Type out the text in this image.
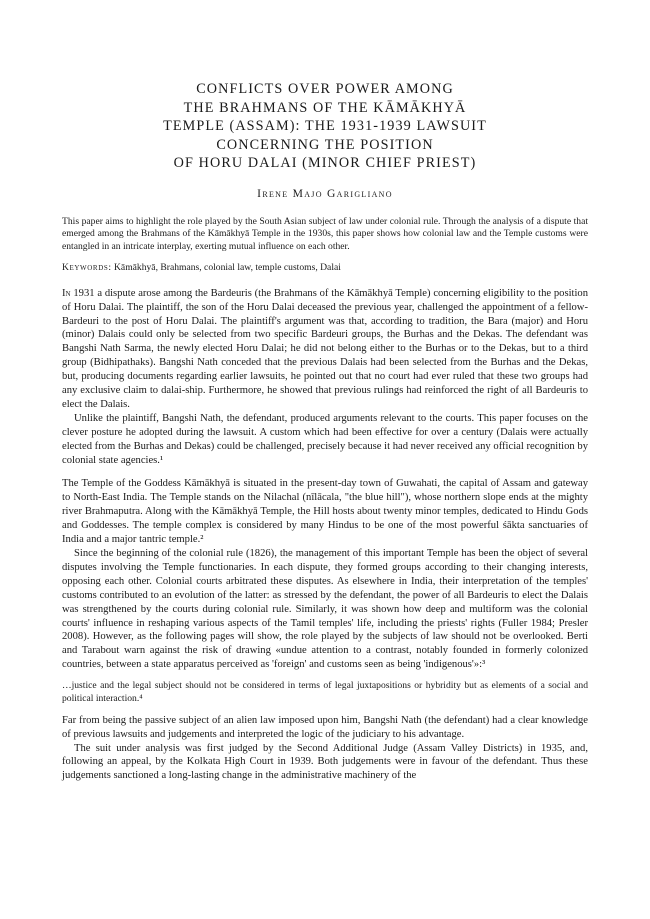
CONFLICTS OVER POWER AMONG
THE BRAHMANS OF THE KĀMĀKHYĀ
TEMPLE (ASSAM): THE 1931-1939 LAWSUIT
CONCERNING THE POSITION
OF HORU DALAI (MINOR CHIEF PRIEST)
Irene Majo Garigliano

This paper aims to highlight the role played by the South Asian subject of law under colonial rule. Through the analysis of a dispute that emerged among the Brahmans of the Kāmākhyā Temple in the 1930s, this paper shows how colonial law and the Temple customs were entangled in an intricate interplay, exerting mutual influence on each other.

Keywords: Kāmākhyā, Brahmans, colonial law, temple customs, Dalai

In 1931 a dispute arose among the Bardeuris (the Brahmans of the Kāmākhyā Temple) concerning eligibility to the position of Horu Dalai. The plaintiff, the son of the Horu Dalai deceased the previous year, challenged the appointment of a fellow-Bardeuri to the post of Horu Dalai. The plaintiff's argument was that, according to tradition, the Bara (major) and Horu (minor) Dalais could only be selected from two specific Bardeuri groups, the Burhas and the Dekas. The defendant was Bangshi Nath Sarma, the newly elected Horu Dalai; he did not belong either to the Burhas or to the Dekas, but to a third group (Bidhipathaks). Bangshi Nath conceded that the previous Dalais had been selected from the Burhas and the Dekas, but, producing documents regarding earlier lawsuits, he pointed out that no court had ever ruled that these two groups had any exclusive claim to dalai-ship. Furthermore, he showed that previous rulings had reinforced the right of all Bardeuris to elect the Dalais.

Unlike the plaintiff, Bangshi Nath, the defendant, produced arguments relevant to the courts. This paper focuses on the clever posture he adopted during the lawsuit. A custom which had been effective for over a century (Dalais were actually elected from the Burhas and Dekas) could be challenged, precisely because it had never received any official recognition by colonial state agencies.¹

The Temple of the Goddess Kāmākhyā is situated in the present-day town of Guwahati, the capital of Assam and gateway to North-East India. The Temple stands on the Nilachal (nīlācala, "the blue hill"), whose northern slope ends at the mighty river Brahmaputra. Along with the Kāmākhyā Temple, the Hill hosts about twenty minor temples, dedicated to Hindu Gods and Goddesses. The temple complex is considered by many Hindus to be one of the most powerful śākta sanctuaries of India and a major tantric temple.²

Since the beginning of the colonial rule (1826), the management of this important Temple has been the object of several disputes involving the Temple functionaries. In each dispute, they formed groups according to their changing interests, opposing each other. Colonial courts arbitrated these disputes. As elsewhere in India, their interpretation of the temples' customs contributed to an evolution of the latter: as stressed by the defendant, the power of all Bardeuris to elect the Dalais was strengthened by the courts during colonial rule. Similarly, it was shown how deep and multiform was the colonial courts' influence in reshaping various aspects of the Tamil temples' life, including the priests' rights (Fuller 1984; Presler 2008). However, as the following pages will show, the role played by the subjects of law should not be overlooked. Berti and Tarabout warn against the risk of drawing «undue attention to a contrast, notably founded in formerly colonized countries, between a state apparatus perceived as 'foreign' and customs seen as being 'indigenous'»:³

…justice and the legal subject should not be considered in terms of legal juxtapositions or hybridity but as elements of a social and political interaction.⁴

Far from being the passive subject of an alien law imposed upon him, Bangshi Nath (the defendant) had a clear knowledge of previous lawsuits and judgements and interpreted the logic of the judiciary to his advantage.

The suit under analysis was first judged by the Second Additional Judge (Assam Valley Districts) in 1935, and, following an appeal, by the Kolkata High Court in 1939. Both judgements were in favour of the defendant. Thus these judgements sanctioned a long-lasting change in the administrative machinery of the
